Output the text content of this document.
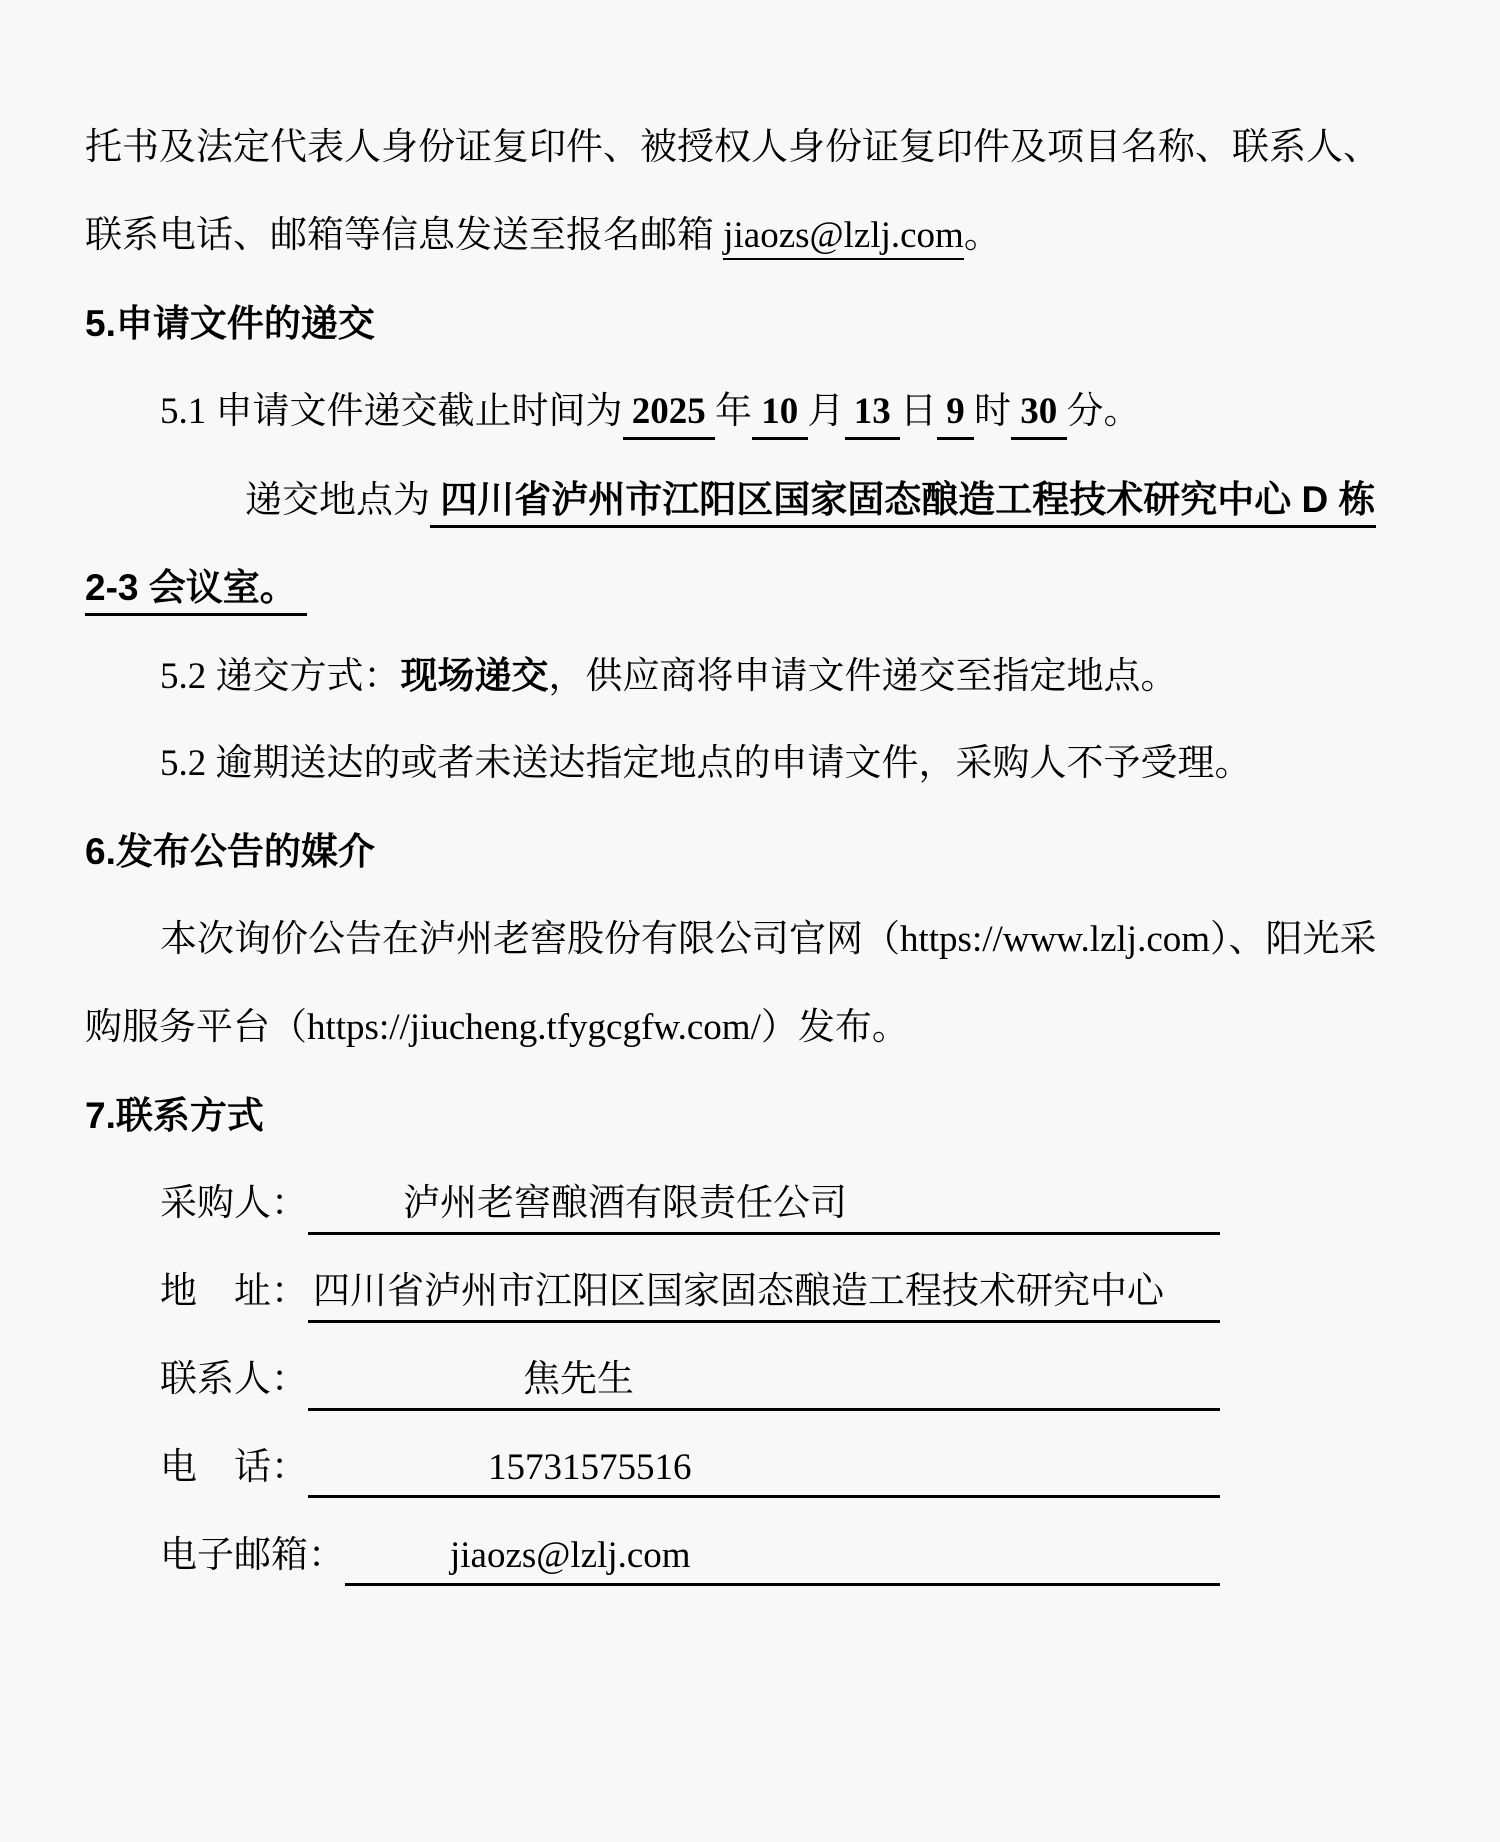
托书及法定代表人身份证复印件、被授权人身份证复印件及项目名称、联系人、
联系电话、邮箱等信息发送至报名邮箱 jiaozs@lzlj.com。
5.申请文件的递交
5.1 申请文件递交截止时间为 2025 年 10 月 13 日 9 时 30 分。
递交地点为 四川省泸州市江阳区国家固态酿造工程技术研究中心 D 栋
2-3 会议室。
5.2 递交方式：现场递交，供应商将申请文件递交至指定地点。
5.2 逾期送达的或者未送达指定地点的申请文件，采购人不予受理。
6.发布公告的媒介
本次询价公告在泸州老窖股份有限公司官网（https://www.lzlj.com）、阳光采
购服务平台（https://jiucheng.tfygcgfw.com/）发布。
7.联系方式
采购人：	泸州老窖酿酒有限责任公司
地　址： 四川省泸州市江阳区国家固态酿造工程技术研究中心
联系人：	焦先生
电　话：	15731575516
电子邮箱：	jiaozs@lzlj.com
